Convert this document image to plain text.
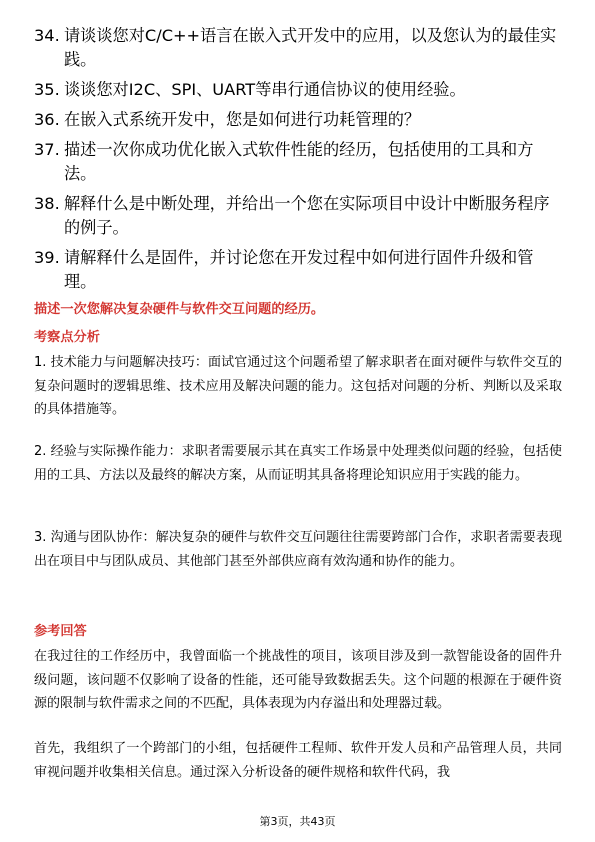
34. 请谈谈您对C/C++语言在嵌入式开发中的应用，以及您认为的最佳实践。
35. 谈谈您对I2C、SPI、UART等串行通信协议的使用经验。
36. 在嵌入式系统开发中，您是如何进行功耗管理的？
37. 描述一次你成功优化嵌入式软件性能的经历，包括使用的工具和方法。
38. 解释什么是中断处理，并给出一个您在实际项目中设计中断服务程序的例子。
39. 请解释什么是固件，并讨论您在开发过程中如何进行固件升级和管理。
描述一次您解决复杂硬件与软件交互问题的经历。
考察点分析
1. 技术能力与问题解决技巧：面试官通过这个问题希望了解求职者在面对硬件与软件交互的复杂问题时的逻辑思维、技术应用及解决问题的能力。这包括对问题的分析、判断以及采取的具体措施等。
2. 经验与实际操作能力：求职者需要展示其在真实工作场景中处理类似问题的经验，包括使用的工具、方法以及最终的解决方案，从而证明其具备将理论知识应用于实践的能力。
3. 沟通与团队协作：解决复杂的硬件与软件交互问题往往需要跨部门合作，求职者需要表现出在项目中与团队成员、其他部门甚至外部供应商有效沟通和协作的能力。
参考回答
在我过往的工作经历中，我曾面临一个挑战性的项目，该项目涉及到一款智能设备的固件升级问题，该问题不仅影响了设备的性能，还可能导致数据丢失。这个问题的根源在于硬件资源的限制与软件需求之间的不匹配，具体表现为内存溢出和处理器过载。
首先，我组织了一个跨部门的小组，包括硬件工程师、软件开发人员和产品管理人员，共同审视问题并收集相关信息。通过深入分析设备的硬件规格和软件代码，我
第3页，共43页
